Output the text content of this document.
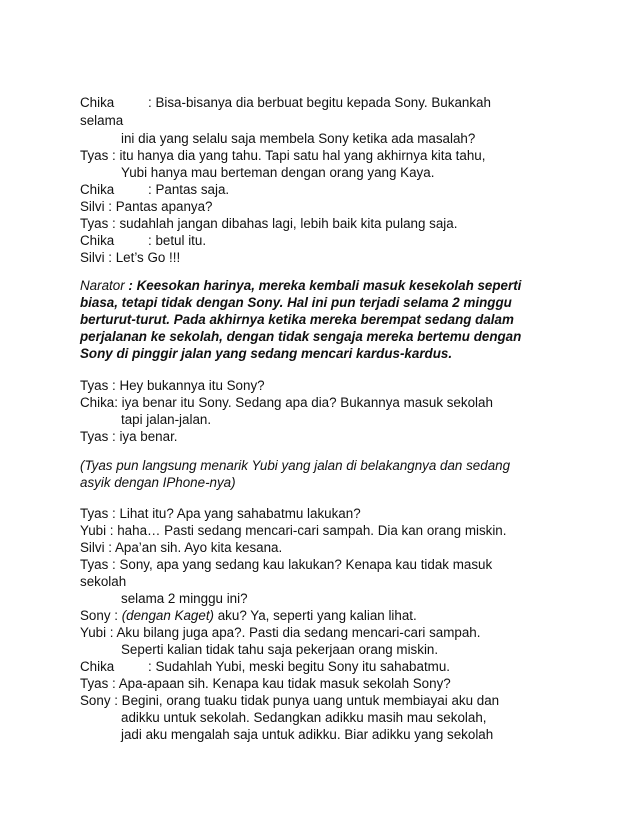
Chika	: Bisa-bisanya dia berbuat begitu kepada Sony. Bukankah
selama
ini dia yang selalu saja membela Sony ketika ada masalah?
Tyas : itu hanya dia yang tahu. Tapi satu hal yang akhirnya kita tahu,
Yubi hanya mau berteman dengan orang yang Kaya.
Chika	: Pantas saja.
Silvi : Pantas apanya?
Tyas : sudahlah jangan dibahas lagi, lebih baik kita pulang saja.
Chika	: betul itu.
Silvi : Let’s Go !!!
Narator : Keesokan harinya, mereka kembali masuk kesekolah seperti
biasa, tetapi tidak dengan Sony. Hal ini pun terjadi selama 2 minggu
berturut-turut. Pada akhirnya ketika mereka berempat sedang dalam
perjalanan ke sekolah, dengan tidak sengaja mereka bertemu dengan
Sony di pinggir jalan yang sedang mencari kardus-kardus.
Tyas : Hey bukannya itu Sony?
Chika: iya benar itu Sony. Sedang apa dia? Bukannya masuk sekolah
tapi jalan-jalan.
Tyas : iya benar.
(Tyas pun langsung menarik Yubi yang jalan di belakangnya dan sedang
asyik dengan IPhone-nya)
Tyas : Lihat itu? Apa yang sahabatmu lakukan?
Yubi : haha… Pasti sedang mencari-cari sampah. Dia kan orang miskin.
Silvi : Apa’an sih. Ayo kita kesana.
Tyas : Sony, apa yang sedang kau lakukan? Kenapa kau tidak masuk
sekolah
selama 2 minggu ini?
Sony : (dengan Kaget) aku? Ya, seperti yang kalian lihat.
Yubi : Aku bilang juga apa?. Pasti dia sedang mencari-cari sampah.
Seperti kalian tidak tahu saja pekerjaan orang miskin.
Chika	: Sudahlah Yubi, meski begitu Sony itu sahabatmu.
Tyas : Apa-apaan sih. Kenapa kau tidak masuk sekolah Sony?
Sony : Begini, orang tuaku tidak punya uang untuk membiayai aku dan
adikku untuk sekolah. Sedangkan adikku masih mau sekolah,
jadi aku mengalah saja untuk adikku. Biar adikku yang sekolah
